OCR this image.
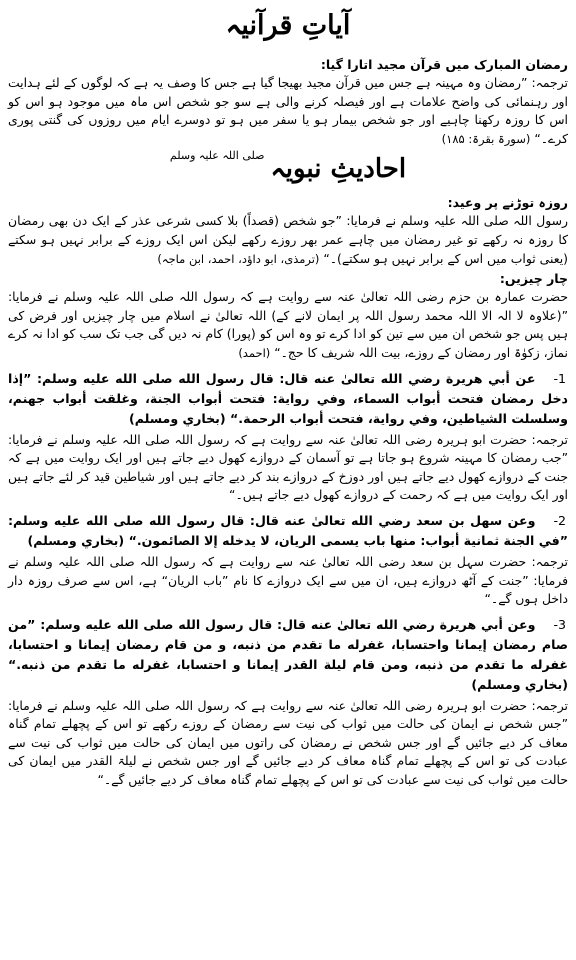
آیاتِ قرآنیہ
رمضان المبارک میں قرآن مجید اتارا گیا:

ترجمہ: ”رمضان وہ مہینہ ہے جس میں قرآن مجید بھیجا گیا ہے جس کا وصف یہ ہے کہ لوگوں کے لئے ہدایت اور رہنمائی کی واضح علامات ہے اور فیصلہ کرنے والی ہے سو جو شخص اس ماہ میں موجود ہو اس کو اس کا روزہ رکھنا چاہیے اور جو شخص بیمار ہو یا سفر میں ہو تو دوسرے ایام میں روزوں کی گنتی پوری کرے۔“ (سورۃ بقرۃ: ۱۸۵)

احادیثِ نبویہصلی اللہ علیہ وسلم
روزہ توڑنے پر وعید:

رسول اللہ صلی اللہ علیہ وسلم نے فرمایا: ”جو شخص (قصداً) بلا کسی شرعی عذر کے ایک دن بھی رمضان کا روزہ نہ رکھے تو غیر رمضان میں چاہے عمر بھر روزے رکھے لیکن اس ایک روزے کے برابر نہیں ہو سکتے (یعنی ثواب میں اس کے برابر نہیں ہو سکتے)۔“ (ترمذی، ابو داؤد، احمد، ابن ماجہ)

چار چیزیں:

حضرت عمارہ بن حزم رضی اللہ تعالیٰ عنہ سے روایت ہے کہ رسول اللہ صلی اللہ علیہ وسلم نے فرمایا: ”(علاوہ لا الہ الا اللہ محمد رسول اللہ پر ایمان لانے کے) اللہ تعالیٰ نے اسلام میں چار چیزیں اور فرض کی ہیں پس جو شخص ان میں سے تین کو ادا کرے تو وہ اس کو (پورا) کام نہ دیں گی جب تک سب کو ادا نہ کرے نماز، زکوٰۃ اور رمضان کے روزے، بیت اللہ شریف کا حج۔“ (احمد)

1-عن أبي هريرة رضي الله تعالىٰ عنه قال: قال رسول الله صلى الله عليه وسلم: ”إذا دخل رمضان فتحت أبواب السماء، وفي رواية: فتحت أبواب الجنة، وغلقت أبواب جهنم، وسلسلت الشياطين، وفي رواية، فتحت أبواب الرحمة.“ (بخاري ومسلم)

ترجمہ: حضرت ابو ہریرہ رضی اللہ تعالیٰ عنہ سے روایت ہے کہ رسول اللہ صلی اللہ علیہ وسلم نے فرمایا: ”جب رمضان کا مہینہ شروع ہو جاتا ہے تو آسمان کے دروازے کھول دیے جاتے ہیں اور ایک روایت میں ہے کہ جنت کے دروازے کھول دیے جاتے ہیں اور دوزخ کے دروازے بند کر دیے جاتے ہیں اور شیاطین قید کر لئے جاتے ہیں اور ایک روایت میں ہے کہ رحمت کے دروازے کھول دیے جاتے ہیں۔“

2-وعن سهل بن سعد رضي الله تعالىٰ عنه قال: قال رسول الله صلى الله عليه وسلم: ”في الجنة ثمانية أبواب: منها باب يسمى الريان، لا يدخله إلا الصائمون.“ (بخاري ومسلم)

ترجمہ: حضرت سہل بن سعد رضی اللہ تعالیٰ عنہ سے روایت ہے کہ رسول اللہ صلی اللہ علیہ وسلم نے فرمایا: ”جنت کے آٹھ دروازے ہیں، ان میں سے ایک دروازے کا نام ”باب الریان“ ہے، اس سے صرف روزہ دار داخل ہوں گے۔“

3-وعن أبي هريرة رضي الله تعالىٰ عنه قال: قال رسول الله صلى الله عليه وسلم: ”من صام رمضان إيمانا واحتسابا، غفرله ما تقدم من ذنبه، و من قام رمضان إيمانا و احتسابا، غفرله ما تقدم من ذنبه، ومن قام ليلة القدر إيمانا و احتسابا، غفرله ما تقدم من ذنبه.“ (بخاري ومسلم)

ترجمہ: حضرت ابو ہریرہ رضی اللہ تعالیٰ عنہ سے روایت ہے کہ رسول اللہ صلی اللہ علیہ وسلم نے فرمایا: ”جس شخص نے ایمان کی حالت میں ثواب کی نیت سے رمضان کے روزے رکھے تو اس کے پچھلے تمام گناہ معاف کر دیے جائیں گے اور جس شخص نے رمضان کی راتوں میں ایمان کی حالت میں ثواب کی نیت سے عبادت کی تو اس کے پچھلے تمام گناہ معاف کر دیے جائیں گے اور جس شخص نے لیلۃ القدر میں ایمان کی حالت میں ثواب کی نیت سے عبادت کی تو اس کے پچھلے تمام گناہ معاف کر دیے جائیں گے۔“
